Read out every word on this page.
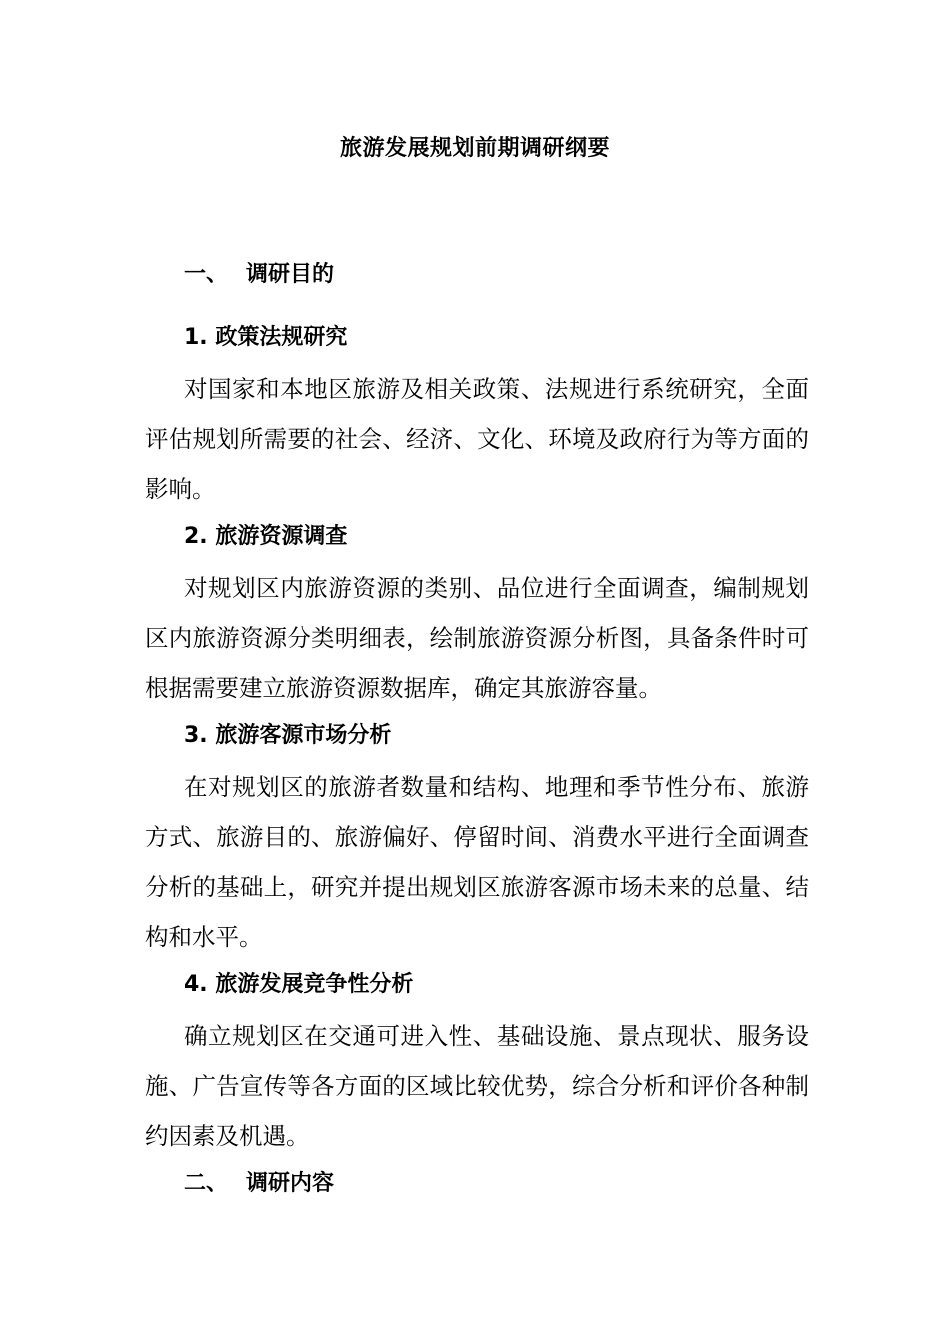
旅游发展规划前期调研纲要
一、 调研目的
1. 政策法规研究

对国家和本地区旅游及相关政策、法规进行系统研究，全面评估规划所需要的社会、经济、文化、环境及政府行为等方面的影响。

2. 旅游资源调查

对规划区内旅游资源的类别、品位进行全面调查，编制规划区内旅游资源分类明细表，绘制旅游资源分析图，具备条件时可根据需要建立旅游资源数据库，确定其旅游容量。

3. 旅游客源市场分析

在对规划区的旅游者数量和结构、地理和季节性分布、旅游方式、旅游目的、旅游偏好、停留时间、消费水平进行全面调查分析的基础上，研究并提出规划区旅游客源市场未来的总量、结构和水平。

4. 旅游发展竞争性分析

确立规划区在交通可进入性、基础设施、景点现状、服务设施、广告宣传等各方面的区域比较优势，综合分析和评价各种制约因素及机遇。

二、 调研内容
